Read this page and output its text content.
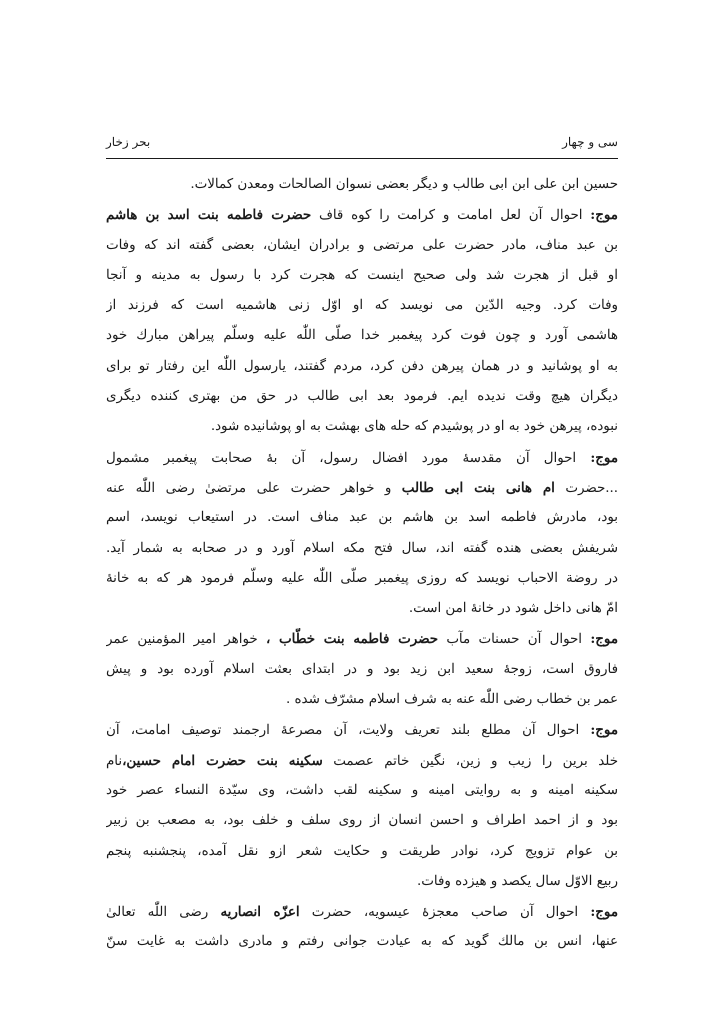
سی و چهار
بحر زخار
حسین ابن علی ابن ابی طالب و دیگر بعضی نسوان الصالحات ومعدن کمالات.
موج: احوال آن لعل امامت و کرامت را کوه قاف حضرت فاطمه بنت اسد بن هاشم
بن عبد مناف، مادر حضرت علی مرتضی و برادران ایشان، بعضی گفته اند که وفات
او قبل از هجرت شد ولی صحیح اینست که هجرت کرد با رسول به مدینه و آنجا
وفات کرد. وجیه الدّین می نویسد که او اوّل زنی هاشمیه است که فرزند از
هاشمی آورد و چون فوت کرد پیغمبر خدا صلّی اللّٰه علیه وسلّم پیراهن مبارك خود
به او پوشانید و در همان پیرهن دفن کرد، مردم گفتند، یارسول اللّٰه این رفتار تو برای
دیگران هیچ وقت ندیده ایم. فرمود بعد ابی طالب در حق من بهتری کننده دیگری
نبوده، پیرهن خود به او در پوشیدم که حله های بهشت به او پوشانیده شود.
موج: احوال آن مقدسهٔ مورد افضال رسول، آن بهٔ صحابت پیغمبر مشمول
...حضرت ام هانی بنت ابی طالب و خواهر حضرت علی مرتضیٰ رضی اللّٰه عنه
بود، مادرش فاطمه اسد بن هاشم بن عبد مناف است. در استیعاب نویسد، اسم
شریفش بعضی هنده گفته اند، سال فتح مکه اسلام آورد و در صحابه به شمار آید.
در روضة الاحباب نویسد که روزی پیغمبر صلّی اللّٰه علیه وسلّم فرمود هر که به خانۀ
امّ هانی داخل شود در خانۀ امن است.
موج: احوال آن حسنات مآب حضرت فاطمه بنت خطّاب ، خواهر امیر المؤمنین عمر
فاروق است، زوجهٔ سعید ابن زید بود و در ابتدای بعثت اسلام آورده بود و پیش
عمر بن خطاب رضی اللّٰه عنه به شرف اسلام مشرّف شده .
موج: احوال آن مطلع بلند تعریف ولایت، آن مصرعهٔ ارجمند توصیف امامت، آن
خلد برین را زیب و زین، نگین خاتم عصمت سکینه بنت حضرت امام حسین،نام
سکینه امینه و به روایتی امینه و سکینه لقب داشت، وی سیّدة النساء عصر خود
بود و از احمد اطراف و احسن انسان از روی سلف و خلف بود، به مصعب بن زبیر
بن عوام تزویج کرد، نوادر طریقت و حکایت شعر ازو نقل آمده، پنجشنبه پنجم
ربیع الاوّل سال یکصد و هیزده وفات.
موج: احوال آن صاحب معجزهٔ عیسویه، حضرت اعزّه انصاریه رضی اللّٰه تعالیٰ
عنها، انس بن مالك گوید که به عیادت جوانی رفتم و مادری داشت به غایت سنّ
